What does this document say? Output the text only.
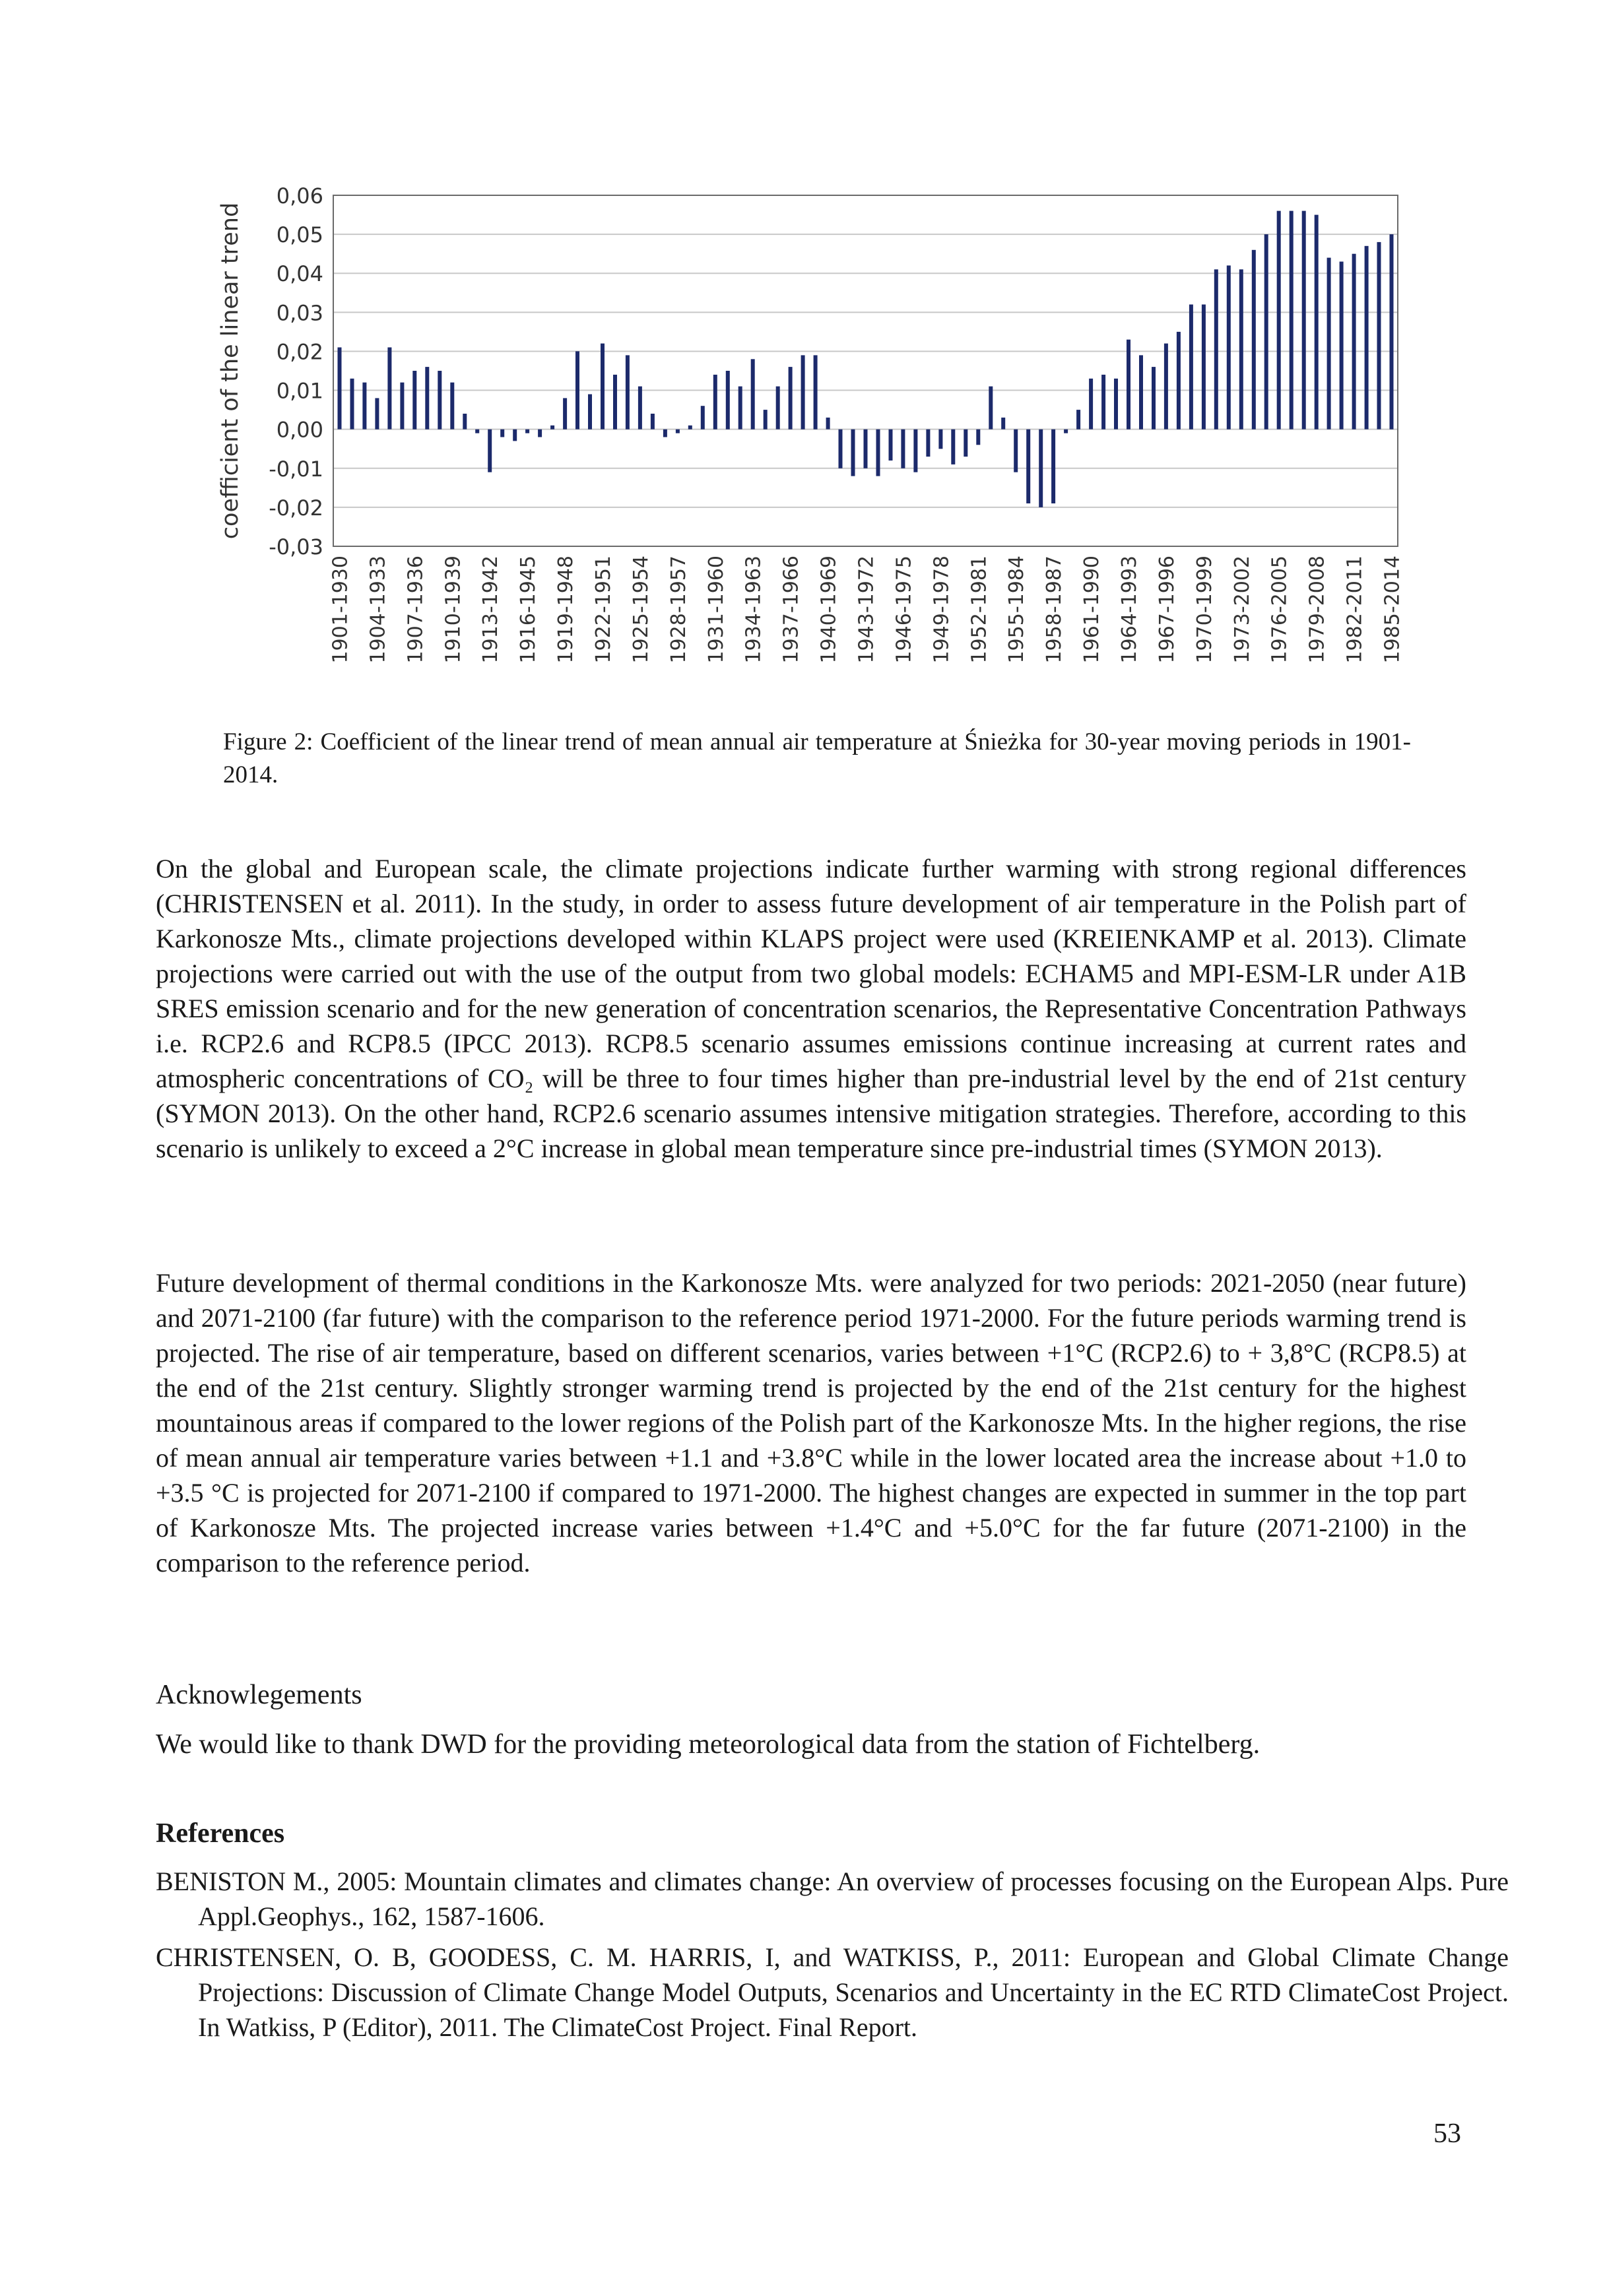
0,06
0,05
0,04
0,03
0,02
0,01
0,00
-0,01
-0,02
-0,03
1901-1930 1904-1933 1907-1936 1910-1939 1913-1942 1916-1945 1919-1948 1922-1951 1925-1954 1928-1957 1931-1960 1934-1963 1937-1966 1940-1969 1943-1972 1946-1975 1949-1978 1952-1981 1955-1984 1958-1987 1961-1990 1964-1993 1967-1996 1970-1999 1973-2002 1976-2005 1979-2008 1982-2011 1985-2014
coefficient of the linear trend

Figure 2: Coefficient of the linear trend of mean annual air temperature at Śnieżka for 30-year moving periods in 1901-2014.

On the global and European scale, the climate projections indicate further warming with strong regional differences (CHRISTENSEN et al. 2011). In the study, in order to assess future development of air temperature in the Polish part of Karkonosze Mts., climate projections developed within KLAPS project were used (KREIENKAMP et al. 2013). Climate projections were carried out with the use of the output from two global models: ECHAM5 and MPI-ESM-LR under A1B SRES emission scenario and for the new generation of concentration scenarios, the Representative Concentration Pathways i.e. RCP2.6 and RCP8.5 (IPCC 2013). RCP8.5 scenario assumes emissions continue increasing at current rates and atmospheric concentrations of CO₂ will be three to four times higher than pre-industrial level by the end of 21st century (SYMON 2013). On the other hand, RCP2.6 scenario assumes intensive mitigation strategies. Therefore, according to this scenario is unlikely to exceed a 2°C increase in global mean temperature since pre-industrial times (SYMON 2013).

Future development of thermal conditions in the Karkonosze Mts. were analyzed for two periods: 2021-2050 (near future) and 2071-2100 (far future) with the comparison to the reference period 1971-2000. For the future periods warming trend is projected. The rise of air temperature, based on different scenarios, varies between +1°C (RCP2.6) to + 3,8°C (RCP8.5) at the end of the 21st century. Slightly stronger warming trend is projected by the end of the 21st century for the highest mountainous areas if compared to the lower regions of the Polish part of the Karkonosze Mts. In the higher regions, the rise of mean annual air temperature varies between +1.1 and +3.8°C while in the lower located area the increase about +1.0 to +3.5 °C is projected for 2071-2100 if compared to 1971-2000. The highest changes are expected in summer in the top part of Karkonosze Mts. The projected increase varies between +1.4°C and +5.0°C for the far future (2071-2100) in the comparison to the reference period.

Acknowlegements

We would like to thank DWD for the providing meteorological data from the station of Fichtelberg.

References

BENISTON M., 2005: Mountain climates and climates change: An overview of processes focusing on the European Alps. Pure Appl.Geophys., 162, 1587-1606.

CHRISTENSEN, O. B, GOODESS, C. M. HARRIS, I, and WATKISS, P., 2011: European and Global Climate Change Projections: Discussion of Climate Change Model Outputs, Scenarios and Uncertainty in the EC RTD ClimateCost Project. In Watkiss, P (Editor), 2011. The ClimateCost Project. Final Report.

53
